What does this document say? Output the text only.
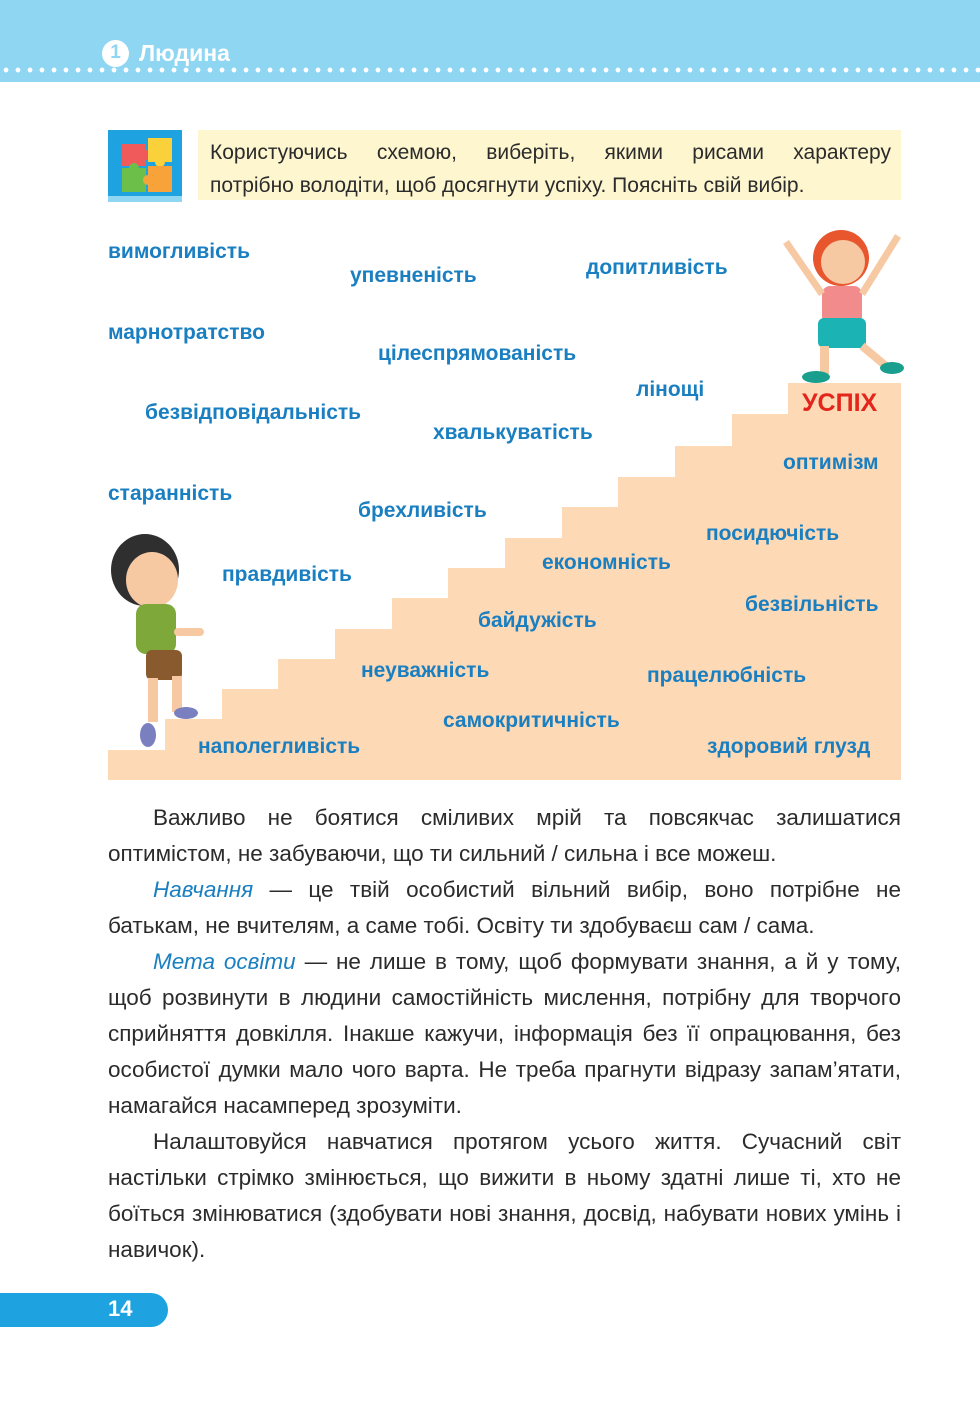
1 Людина
Користуючись схемою, виберіть, якими рисами характеру
потрібно володіти, щоб досягнути успіху. Поясніть свій вибір.
УСПІХ
вимогливість
упевненість	допитливість
марнотратство
цілеспрямованість
лінощі
безвідповідальність
хвалькуватість
оптимізм
старанність
брехливість
посидючість
економність
правдивість
безвільність
байдужість
неуважність	працелюбність
самокритичність
наполегливість	здоровий глузд

Важливо не боятися сміливих мрій та повсякчас залишатися оптимістом, не забуваючи, що ти сильний / сильна і все можеш.

Навчання — це твій особистий вільний вибір, воно потрібне не батькам, не вчителям, а саме тобі. Освіту ти здобуваєш сам / сама.

Мета освіти — не лише в тому, щоб формувати знання, а й у тому, щоб розвинути в людини самостійність мислення, потрібну для творчого сприйняття довкілля. Інакше кажучи, інформація без її опрацювання, без особистої думки мало чого варта. Не треба прагнути відразу запам’ятати, намагайся насамперед зрозуміти.

Налаштовуйся навчатися протягом усього життя. Сучасний світ настільки стрімко змінюється, що вижити в ньому здатні лише ті, хто не боїться змінюватися (здобувати нові знання, досвід, набувати нових умінь і навичок).

14
